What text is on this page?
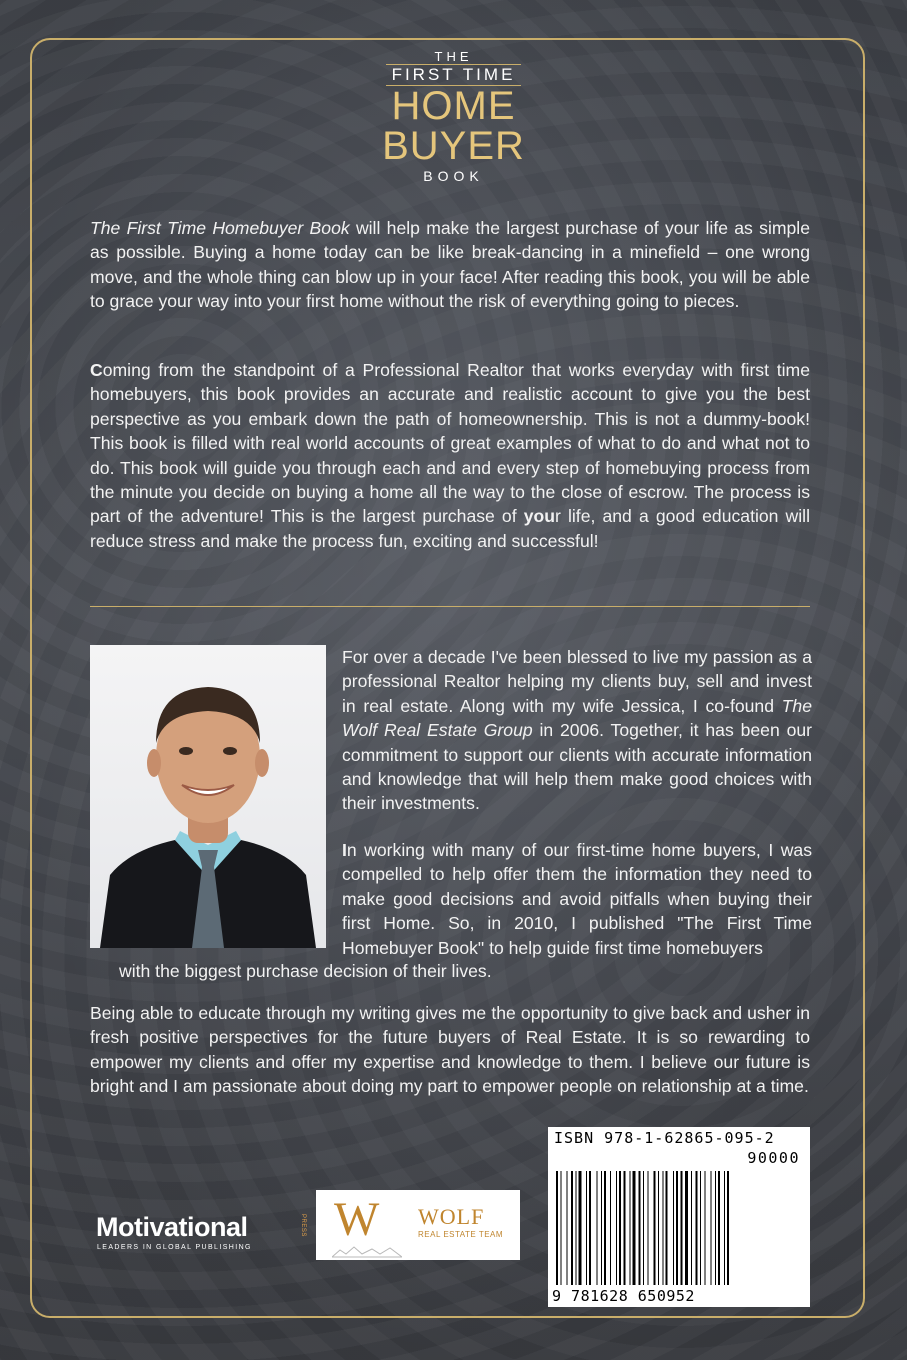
THE
FIRST TIME
HOME
BUYER
BOOK

The First Time Homebuyer Book will help make the largest purchase of your life as simple as possible. Buying a home today can be like break-dancing in a minefield – one wrong move, and the whole thing can blow up in your face! After reading this book, you will be able to grace your way into your first home without the risk of everything going to pieces.

Coming from the standpoint of a Professional Realtor that works everyday with first time homebuyers, this book provides an accurate and realistic account to give you the best perspective as you embark down the path of homeownership. This is not a dummy-book! This book is filled with real world accounts of great examples of what to do and what not to do. This book will guide you through each and and every step of homebuying process from the minute you decide on buying a home all the way to the close of escrow. The process is part of the adventure! This is the largest purchase of your life, and a good education will reduce stress and make the process fun, exciting and successful!

For over a decade I've been blessed to live my passion as a professional Realtor helping my clients buy, sell and invest in real estate. Along with my wife Jessica, I co-found The Wolf Real Estate Group in 2006. Together, it has been our commitment to support our clients with accurate information and knowledge that will help them make good choices with their investments.

In working with many of our first-time home buyers, I was compelled to help offer them the information they need to make good decisions and avoid pitfalls when buying their first Home. So, in 2010, I published "The First Time Homebuyer Book" to help guide first time homebuyers

with the biggest purchase decision of their lives.

Being able to educate through my writing gives me the opportunity to give back and usher in fresh positive perspectives for the future buyers of Real Estate. It is so rewarding to empower my clients and offer my expertise and knowledge to them. I believe our future is bright and I am passionate about doing my part to empower people on relationship at a time.

ISBN 978-1-62865-095-2
90000
9 781628 650952
Motivational
LEADERS IN GLOBAL PUBLISHING
PRESS W WOLF
REAL ESTATE TEAM
